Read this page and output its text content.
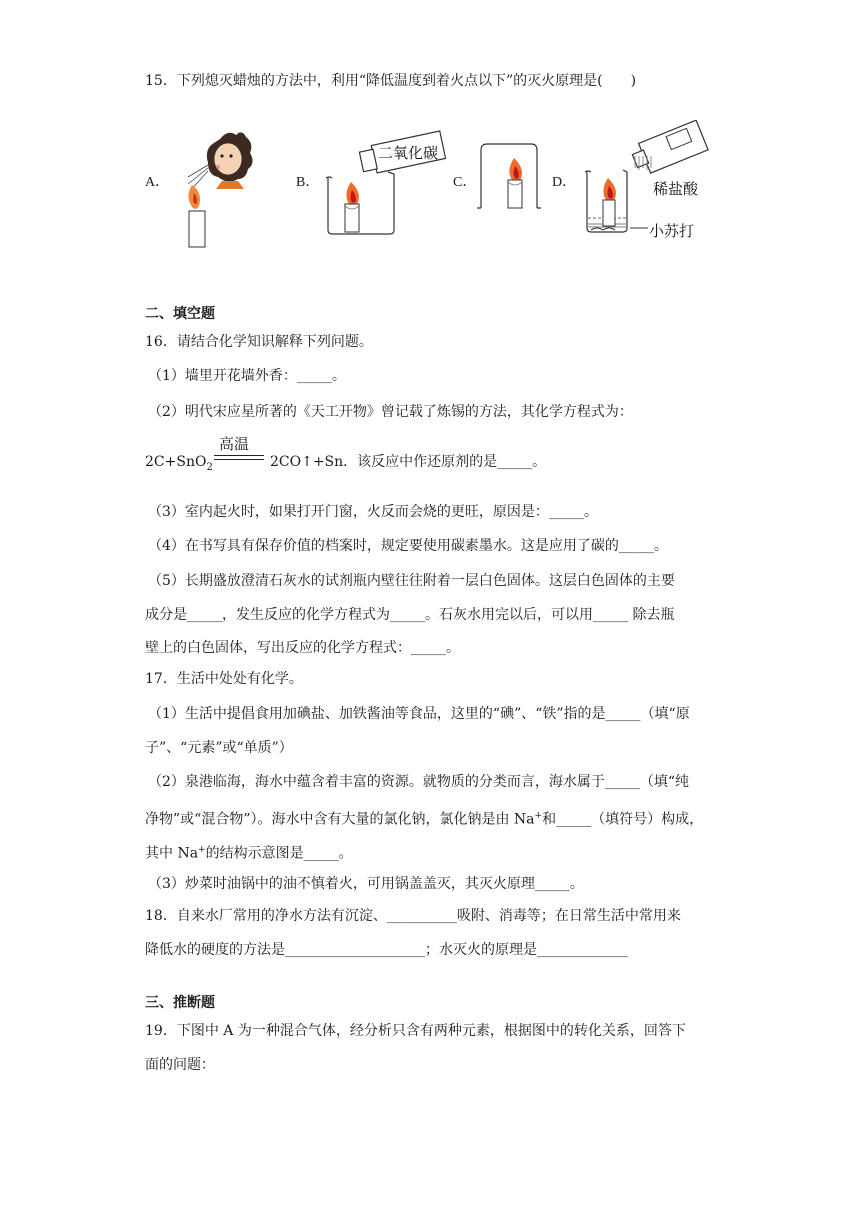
15．下列熄灭蜡烛的方法中，利用“降低温度到着火点以下”的灭火原理是(　　)
A．	B．
二氧化碳
C．	D．	稀盐酸
小苏打
二、填空题
16．请结合化学知识解释下列问题。
（1）墙里开花墙外香：_____。
（2）明代宋应星所著的《天工开物》曾记载了炼锡的方法，其化学方程式为：
高温
2C+SnO$_2$	2CO↑+Sn．该反应中作还原剂的是_____。
（3）室内起火时，如果打开门窗，火反而会烧的更旺，原因是：_____。
（4）在书写具有保存价值的档案时，规定要使用碳素墨水。这是应用了碳的_____。
（5）长期盛放澄清石灰水的试剂瓶内壁往往附着一层白色固体。这层白色固体的主要
成分是_____，发生反应的化学方程式为_____。石灰水用完以后，可以用_____ 除去瓶
壁上的白色固体，写出反应的化学方程式：_____。
17．生活中处处有化学。
（1）生活中提倡食用加碘盐、加铁酱油等食品，这里的“碘”、“铁”指的是_____（填“原
子”、“元素”或“单质”）
（2）泉港临海，海水中蕴含着丰富的资源。就物质的分类而言，海水属于_____（填“纯
净物”或“混合物”）。海水中含有大量的氯化钠，氯化钠是由 Na+和_____（填符号）构成，
其中 Na+的结构示意图是_____。
（3）炒菜时油锅中的油不慎着火，可用锅盖盖灭，其灭火原理_____。
18．自来水厂常用的净水方法有沉淀、__________吸附、消毒等；在日常生活中常用来
降低水的硬度的方法是____________________；水灭火的原理是_____________
三、推断题
19．下图中 A 为一种混合气体，经分析只含有两种元素，根据图中的转化关系，回答下
面的问题：
